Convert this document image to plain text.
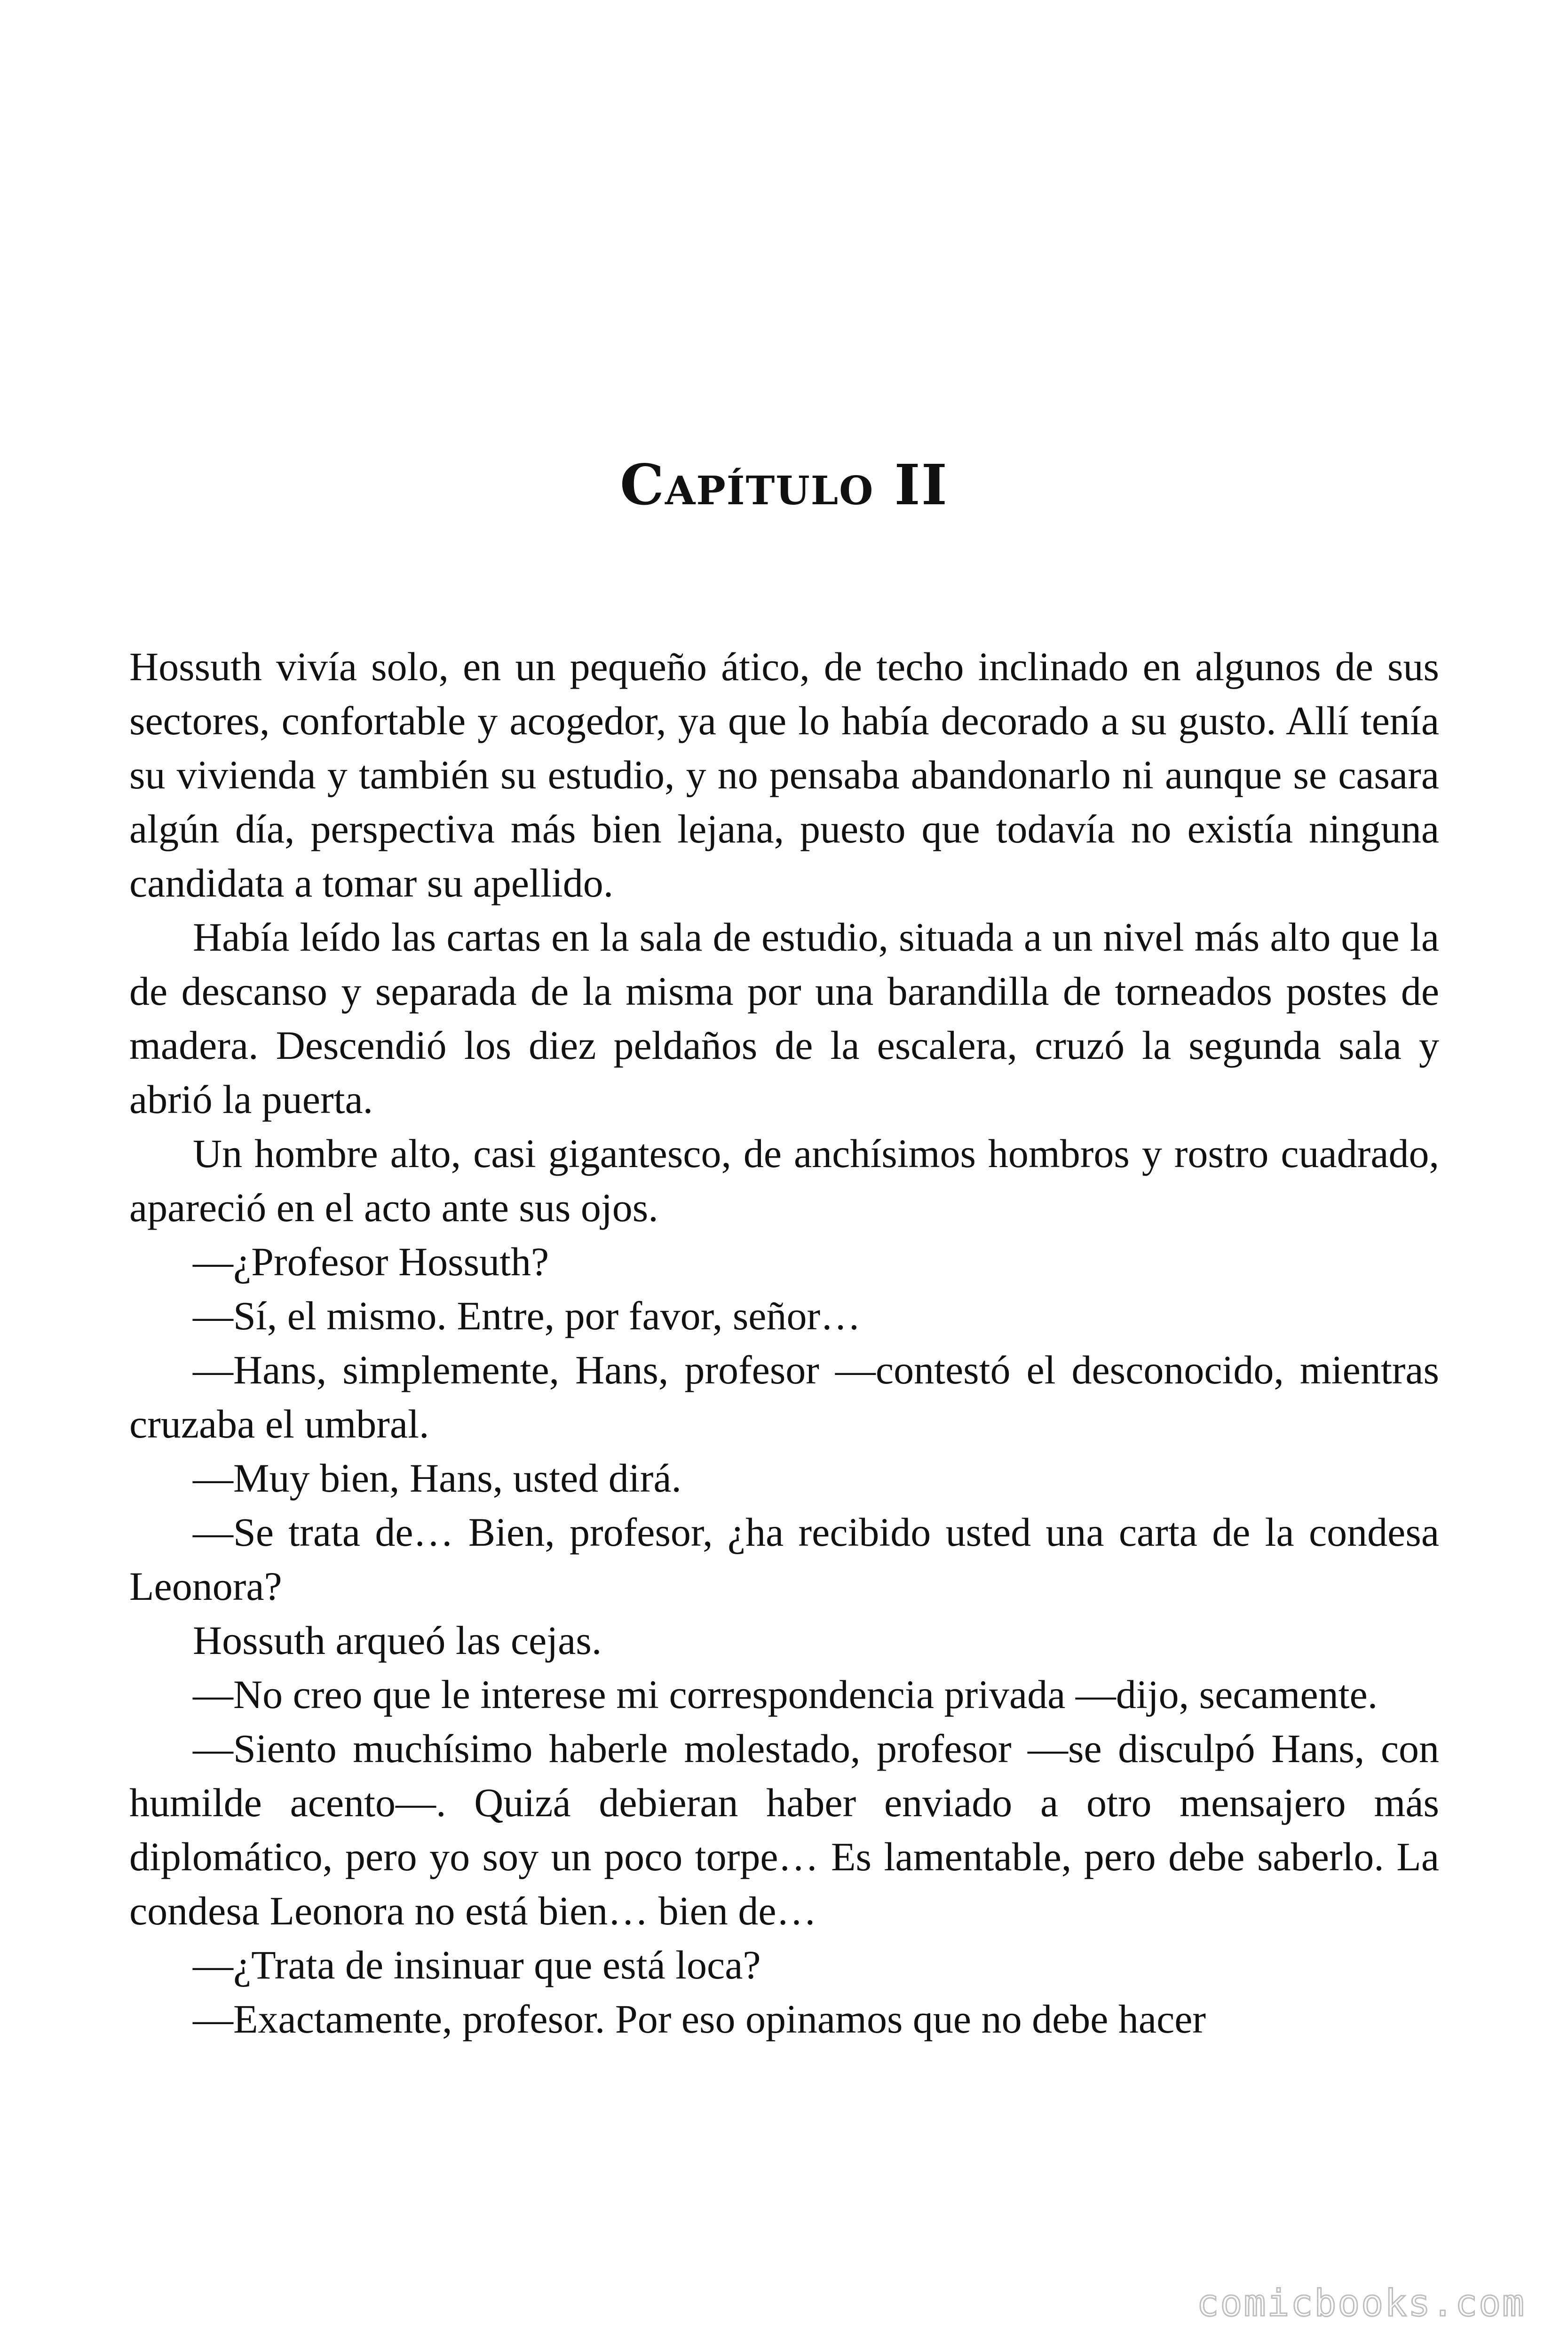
Capítulo II

Hossuth vivía solo, en un pequeño ático, de techo inclinado en algunos de sus sectores, confortable y acogedor, ya que lo había decorado a su gusto. Allí tenía su vivienda y también su estudio, y no pensaba abandonarlo ni aunque se casara algún día, perspectiva más bien lejana, puesto que todavía no existía ninguna candidata a tomar su apellido.

Había leído las cartas en la sala de estudio, situada a un nivel más alto que la de descanso y separada de la misma por una barandilla de torneados postes de madera. Descendió los diez peldaños de la escalera, cruzó la segunda sala y abrió la puerta.

Un hombre alto, casi gigantesco, de anchísimos hombros y rostro cuadrado, apareció en el acto ante sus ojos.

—¿Profesor Hossuth?

—Sí, el mismo. Entre, por favor, señor…

—Hans, simplemente, Hans, profesor —contestó el desconocido, mientras cruzaba el umbral.

—Muy bien, Hans, usted dirá.

—Se trata de… Bien, profesor, ¿ha recibido usted una carta de la condesa Leonora?

Hossuth arqueó las cejas.

—No creo que le interese mi correspondencia privada —dijo, secamente.

—Siento muchísimo haberle molestado, profesor —se disculpó Hans, con humilde acento—. Quizá debieran haber enviado a otro mensajero más diplomático, pero yo soy un poco torpe… Es lamentable, pero debe saberlo. La condesa Leonora no está bien… bien de…

—¿Trata de insinuar que está loca?

—Exactamente, profesor. Por eso opinamos que no debe hacer

comicbooks.com
